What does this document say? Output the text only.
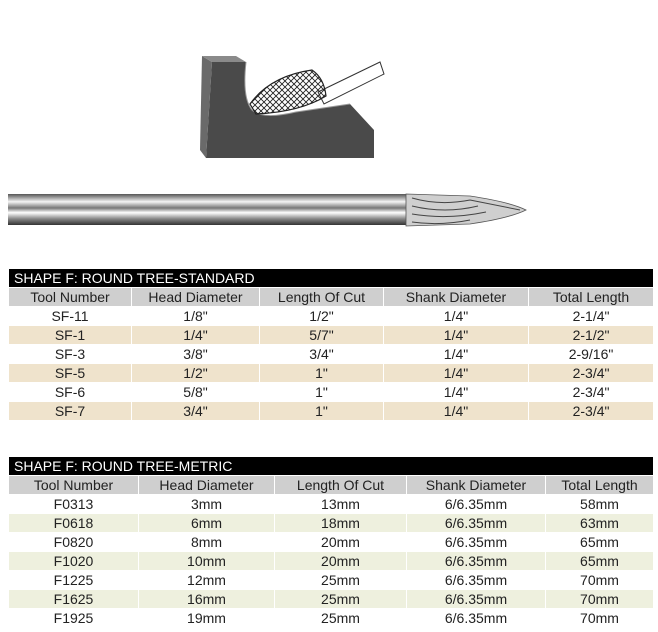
SHAPE F: ROUND TREE-STANDARD				
Tool Number	Head Diameter	Length Of Cut	Shank Diameter	Total Length
SF-11	1/8"	1/2"	1/4"	2-1/4"
SF-1	1/4"	5/7"	1/4"	2-1/2"
SF-3	3/8"	3/4"	1/4"	2-9/16"
SF-5	1/2"	1"	1/4"	2-3/4"
SF-6	5/8"	1"	1/4"	2-3/4"
SF-7	3/4"	1"	1/4"	2-3/4"
SHAPE F: ROUND TREE-METRIC				
Tool Number	Head Diameter	Length Of Cut	Shank Diameter	Total Length
F0313	3mm	13mm	6/6.35mm	58mm
F0618	6mm	18mm	6/6.35mm	63mm
F0820	8mm	20mm	6/6.35mm	65mm
F1020	10mm	20mm	6/6.35mm	65mm
F1225	12mm	25mm	6/6.35mm	70mm
F1625	16mm	25mm	6/6.35mm	70mm
F1925	19mm	25mm	6/6.35mm	70mm
